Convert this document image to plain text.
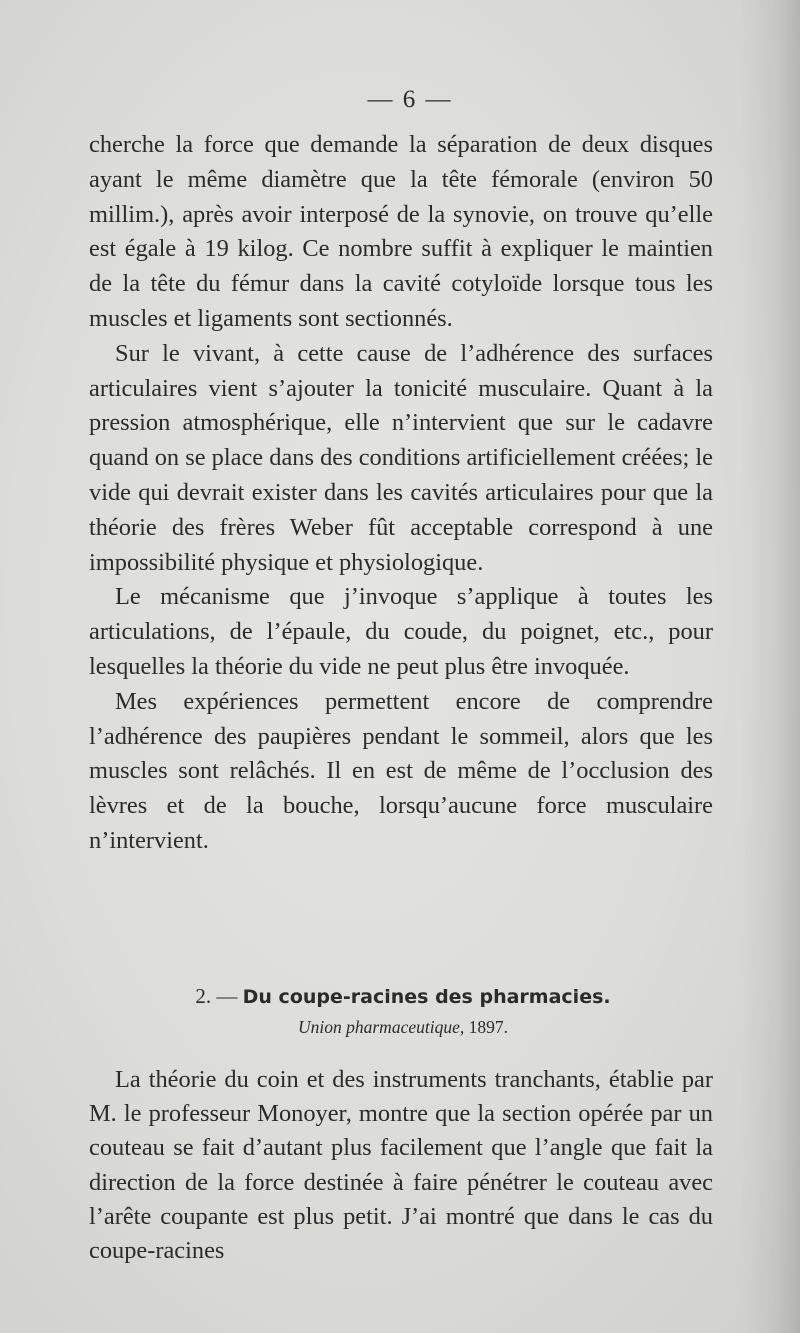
— 6 —

cherche la force que demande la séparation de deux disques ayant le même diamètre que la tête fémorale (environ 50 millim.), après avoir interposé de la synovie, on trouve qu’elle est égale à 19 kilog. Ce nombre suffit à expliquer le maintien de la tête du fémur dans la cavité cotyloïde lorsque tous les muscles et ligaments sont sectionnés.

Sur le vivant, à cette cause de l’adhérence des surfaces articulaires vient s’ajouter la tonicité musculaire. Quant à la pression atmosphérique, elle n’intervient que sur le cadavre quand on se place dans des conditions artificiellement créées; le vide qui devrait exister dans les cavités articulaires pour que la théorie des frères Weber fût acceptable correspond à une impossibilité physique et physiologique.

Le mécanisme que j’invoque s’applique à toutes les articulations, de l’épaule, du coude, du poignet, etc., pour lesquelles la théorie du vide ne peut plus être invoquée.

Mes expériences permettent encore de comprendre l’adhérence des paupières pendant le sommeil, alors que les muscles sont relâchés. Il en est de même de l’occlusion des lèvres et de la bouche, lorsqu’aucune force musculaire n’intervient.

2. — Du coupe-racines des pharmacies.
Union pharmaceutique, 1897.

La théorie du coin et des instruments tranchants, établie par M. le professeur Monoyer, montre que la section opérée par un couteau se fait d’autant plus facilement que l’angle que fait la direction de la force destinée à faire pénétrer le couteau avec l’arête coupante est plus petit. J’ai montré que dans le cas du coupe-racines
